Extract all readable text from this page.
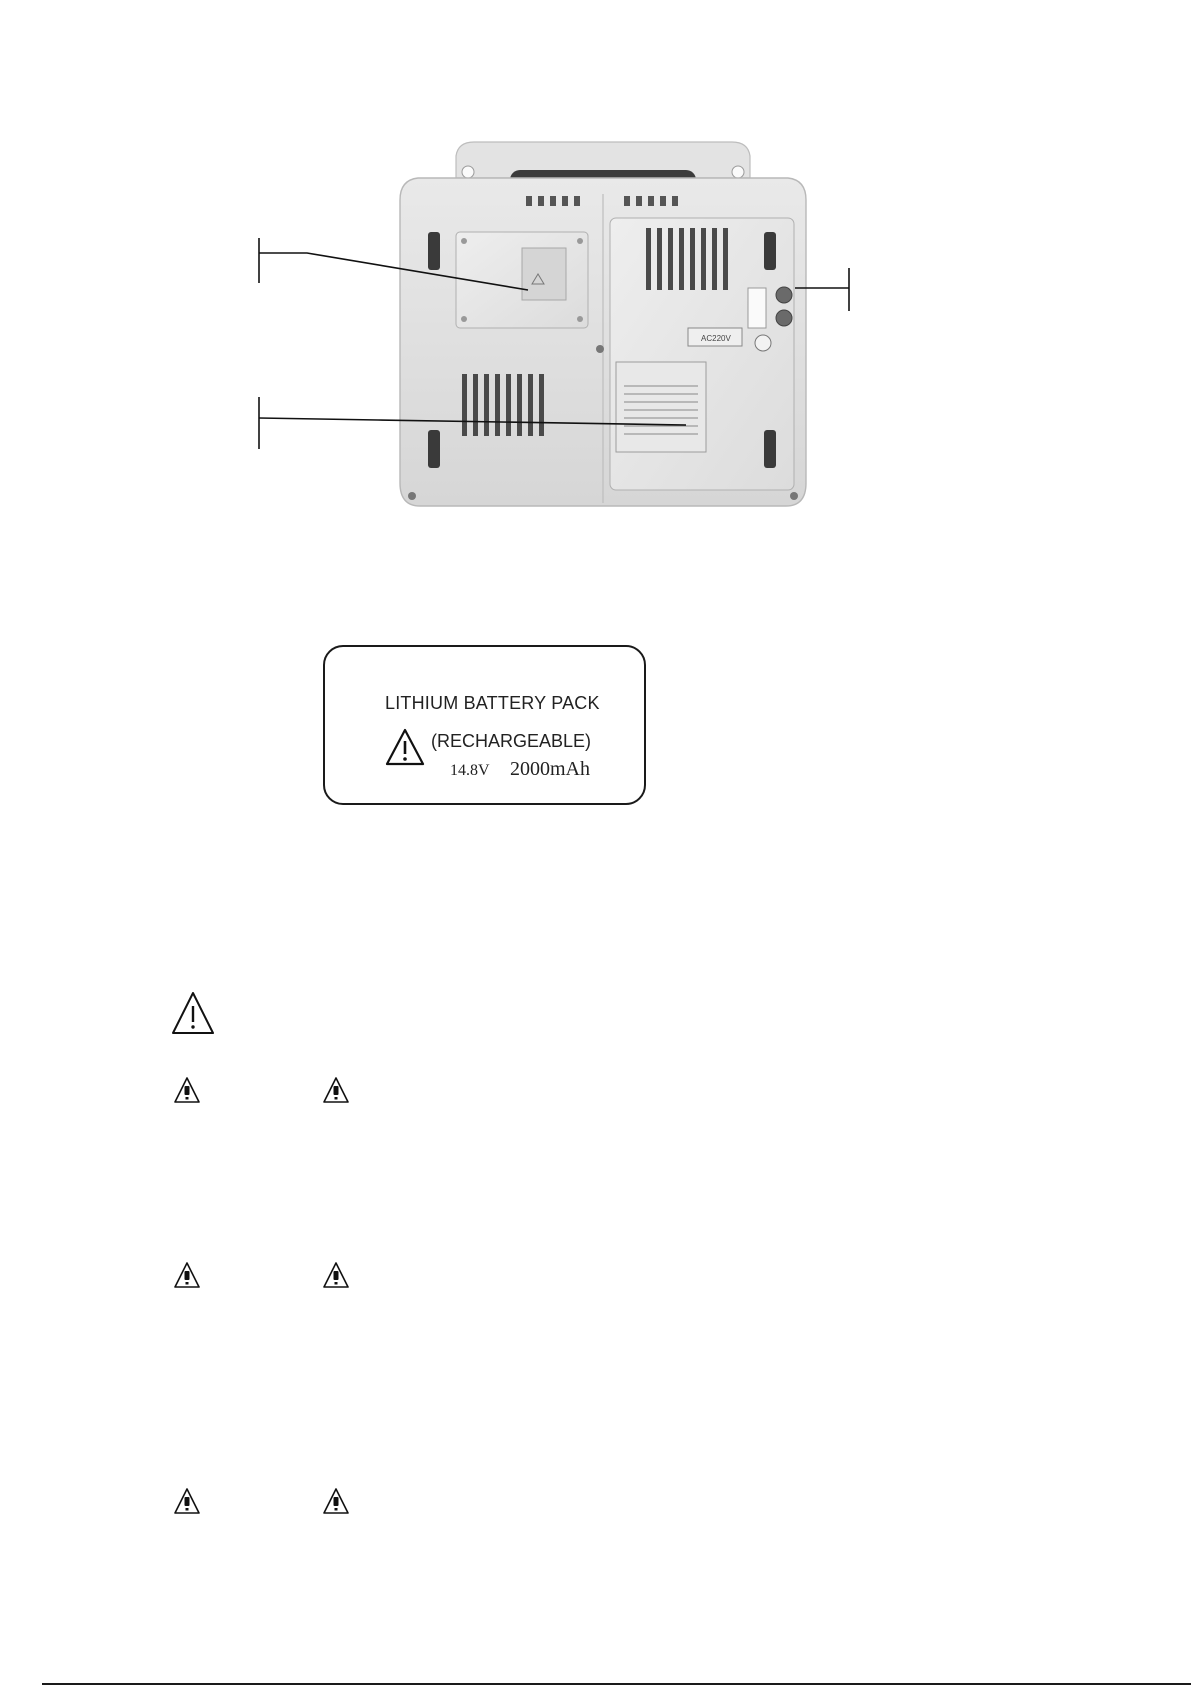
AC220V
LITHIUM BATTERY PACK
(RECHARGEABLE)
14.8V 2000mAh
